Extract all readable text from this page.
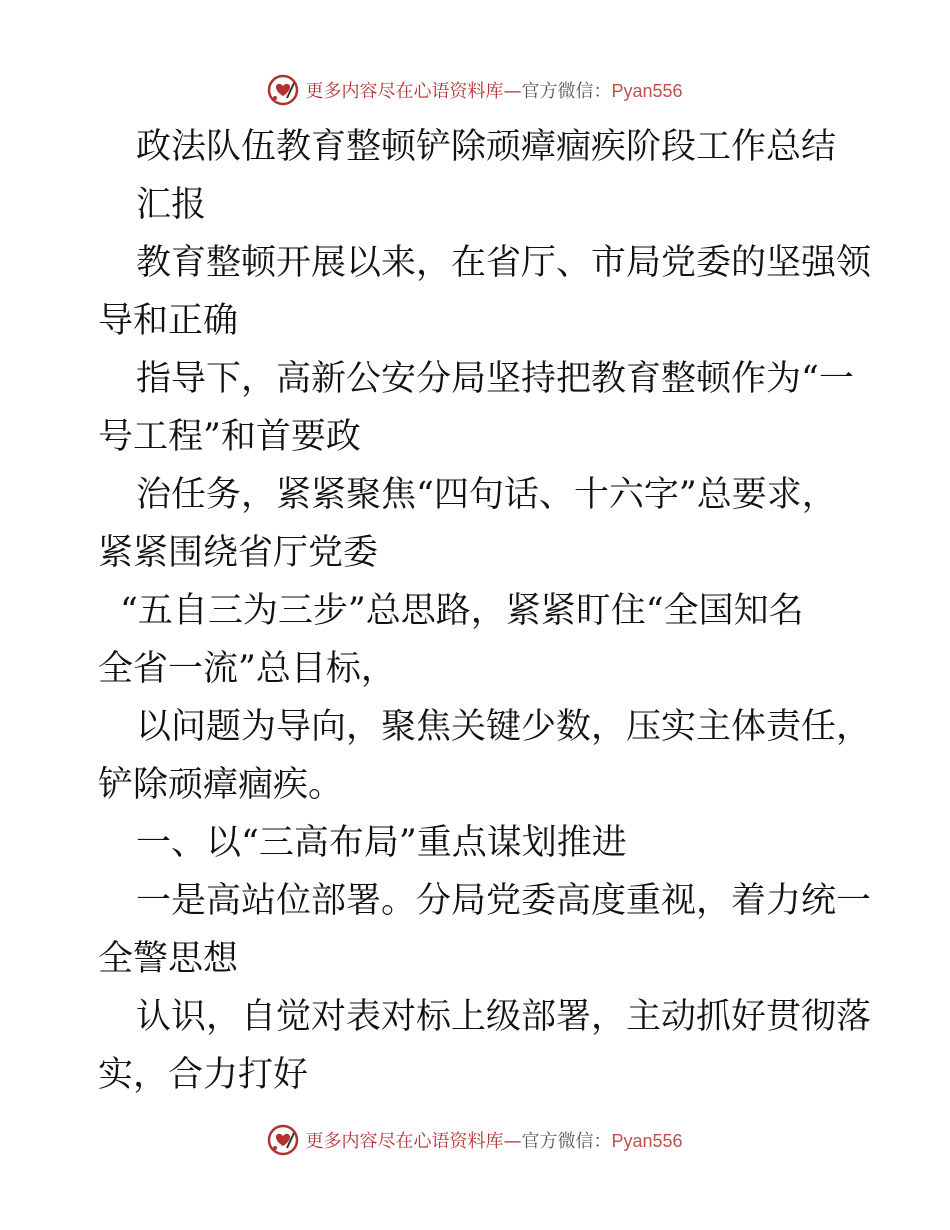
更多内容尽在心语资料库—官方微信：Pyan556
政法队伍教育整顿铲除顽瘴痼疾阶段工作总结
汇报
教育整顿开展以来，在省厅、市局党委的坚强领
导和正确
指导下，高新公安分局坚持把教育整顿作为“一
号工程”和首要政
治任务，紧紧聚焦“四句话、十六字”总要求，
紧紧围绕省厅党委
“五自三为三步”总思路，紧紧盯住“全国知名
全省一流”总目标，
以问题为导向，聚焦关键少数，压实主体责任，
铲除顽瘴痼疾。
一、以“三高布局”重点谋划推进
一是高站位部署。分局党委高度重视，着力统一
全警思想
认识，自觉对表对标上级部署，主动抓好贯彻落
实，合力打好
更多内容尽在心语资料库—官方微信：Pyan556
